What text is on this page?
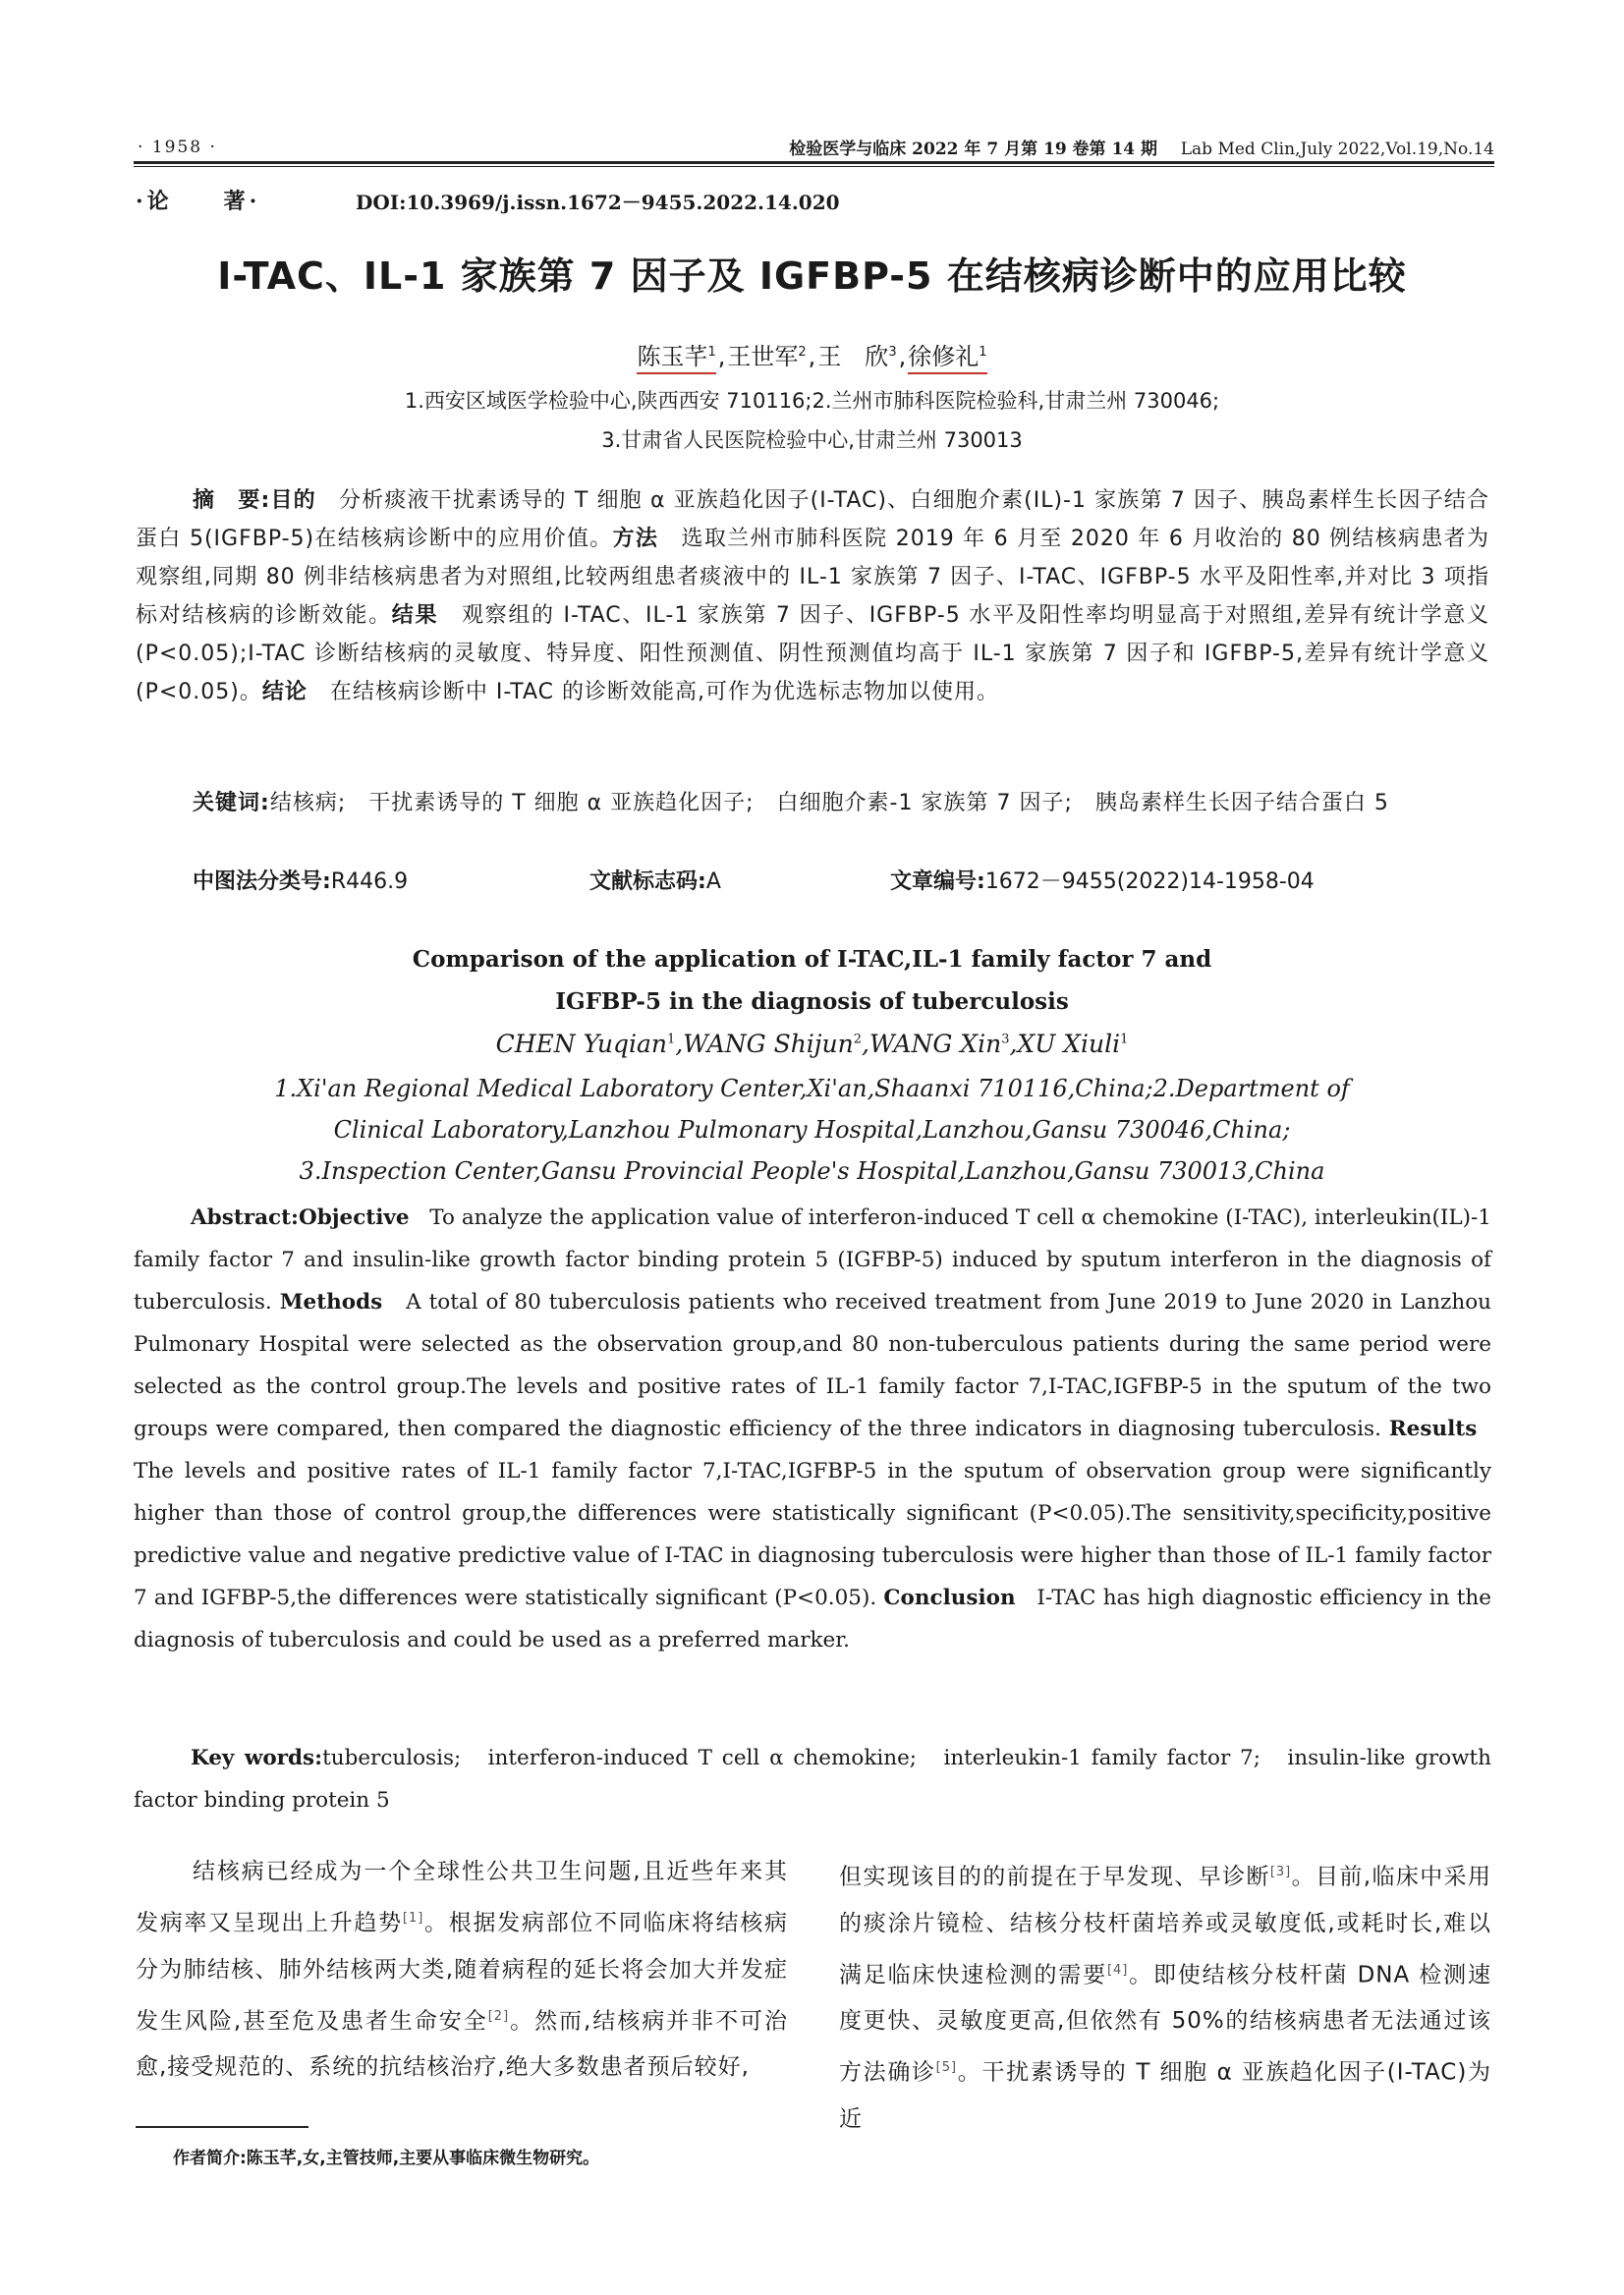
· 1958 ·	检验医学与临床 2022 年 7 月第 19 卷第 14 期 Lab Med Clin,July 2022,Vol.19,No.14
·论　　著·	DOI:10.3969/j.issn.1672－9455.2022.14.020
I-TAC、IL-1 家族第 7 因子及 IGFBP-5 在结核病诊断中的应用比较
陈玉芊$^1$,王世军$^2$,王　欣$^3$,徐修礼$^1$
1.西安区域医学检验中心,陕西西安 710116;2.兰州市肺科医院检验科,甘肃兰州 730046;
3.甘肃省人民医院检验中心,甘肃兰州 730013
摘　要:目的　 分析痰液干扰素诱导的 T 细胞 α 亚族趋化因子(I-TAC)、白细胞介素(IL)-1 家族第 7 因子、胰岛素样生长因子结合蛋白 5(IGFBP-5)在结核病诊断中的应用价值。方法　 选取兰州市肺科医院 2019 年 6 月至 2020 年 6 月收治的 80 例结核病患者为观察组,同期 80 例非结核病患者为对照组,比较两组患者痰液中的 IL-1 家族第 7 因子、I-TAC、IGFBP-5 水平及阳性率,并对比 3 项指标对结核病的诊断效能。结果　 观察组的 I-TAC、IL-1 家族第 7 因子、IGFBP-5 水平及阳性率均明显高于对照组,差异有统计学意义(P<0.05);I-TAC 诊断结核病的灵敏度、特异度、阳性预测值、阴性预测值均高于 IL-1 家族第 7 因子和 IGFBP-5,差异有统计学意义(P<0.05)。结论　 在结核病诊断中 I-TAC 的诊断效能高,可作为优选标志物加以使用。
关键词:结核病;　干扰素诱导的 T 细胞 α 亚族趋化因子;　白细胞介素-1 家族第 7 因子;　胰岛素样生长因子结合蛋白 5
中图法分类号:R446.9	文献标志码:A	文章编号:1672－9455(2022)14-1958-04
Comparison of the application of I-TAC,IL-1 family factor 7 and
IGFBP-5 in the diagnosis of tuberculosis
CHEN Yuqian$^1$,WANG Shijun$^2$,WANG Xin$^3$,XU Xiuli$^1$
1.Xi'an Regional Medical Laboratory Center,Xi'an,Shaanxi 710116,China;2.Department of
Clinical Laboratory,Lanzhou Pulmonary Hospital,Lanzhou,Gansu 730046,China;
3.Inspection Center,Gansu Provincial People's Hospital,Lanzhou,Gansu 730013,China
Abstract:Objective To analyze the application value of interferon-induced T cell α chemokine (I-TAC), interleukin(IL)-1 family factor 7 and insulin-like growth factor binding protein 5 (IGFBP-5) induced by sputum interferon in the diagnosis of tuberculosis. Methods A total of 80 tuberculosis patients who received treatment from June 2019 to June 2020 in Lanzhou Pulmonary Hospital were selected as the observation group,and 80 non-tuberculous patients during the same period were selected as the control group.The levels and positive rates of IL-1 family factor 7,I-TAC,IGFBP-5 in the sputum of the two groups were compared, then compared the diagnostic efficiency of the three indicators in diagnosing tuberculosis. Results   The levels and positive rates of IL-1 family factor 7,I-TAC,IGFBP-5 in the sputum of observation group were significantly higher than those of control group,the differences were statistically significant (P<0.05).The sensitivity,specificity,positive predictive value and negative predictive value of I-TAC in diagnosing tuberculosis were higher than those of IL-1 family factor 7 and IGFBP-5,the differences were statistically significant (P<0.05). Conclusion I-TAC has high diagnostic efficiency in the diagnosis of tuberculosis and could be used as a preferred marker.
Key words:tuberculosis;　interferon-induced T cell α chemokine;　interleukin-1 family factor 7;　insulin-like growth factor binding protein 5
结核病已经成为一个全球性公共卫生问题,且近些年来其发病率又呈现出上升趋势[1]。根据发病部位不同临床将结核病分为肺结核、肺外结核两大类,随着病程的延长将会加大并发症发生风险,甚至危及患者生命安全[2]。然而,结核病并非不可治愈,接受规范的、系统的抗结核治疗,绝大多数患者预后较好,
但实现该目的的前提在于早发现、早诊断[3]。目前,临床中采用的痰涂片镜检、结核分枝杆菌培养或灵敏度低,或耗时长,难以满足临床快速检测的需要[4]。即使结核分枝杆菌 DNA 检测速度更快、灵敏度更高,但依然有 50%的结核病患者无法通过该方法确诊[5]。干扰素诱导的 T 细胞 α 亚族趋化因子(I-TAC)为近
作者简介:陈玉芊,女,主管技师,主要从事临床微生物研究。
